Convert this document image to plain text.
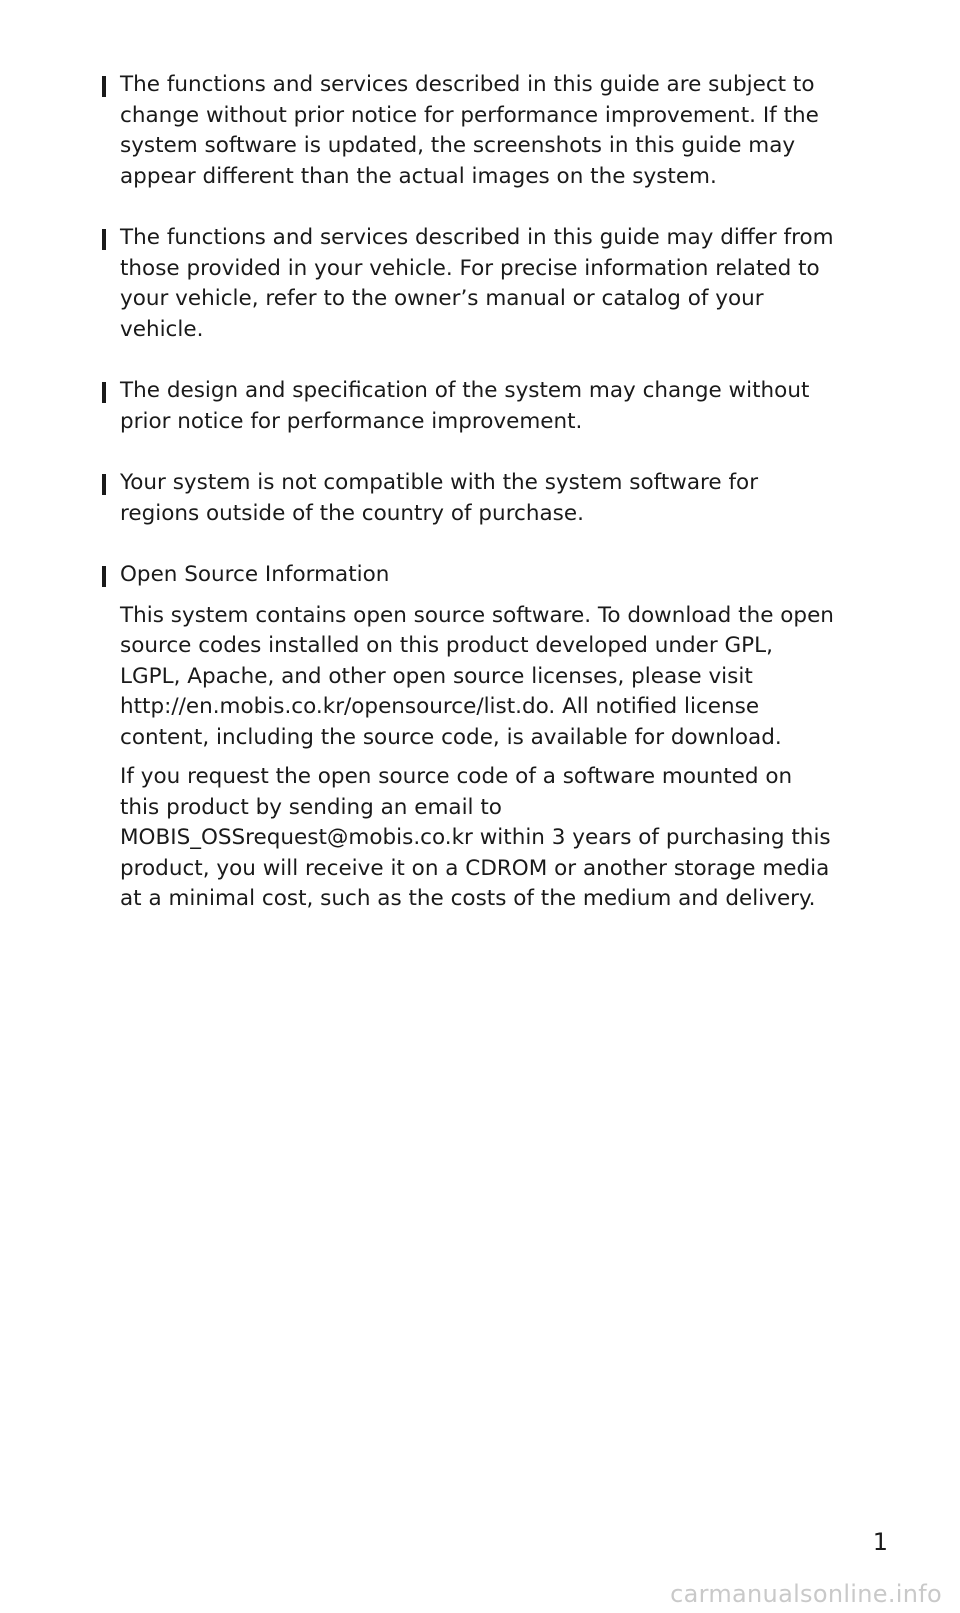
The functions and services described in this guide are subject to change without prior notice for performance improvement. If the system software is updated, the screenshots in this guide may appear different than the actual images on the system.

The functions and services described in this guide may differ from those provided in your vehicle. For precise information related to your vehicle, refer to the owner’s manual or catalog of your vehicle.

The design and specification of the system may change without prior notice for performance improvement.

Your system is not compatible with the system software for regions outside of the country of purchase.

Open Source Information

This system contains open source software. To download the open source codes installed on this product developed under GPL, LGPL, Apache, and other open source licenses, please visit http://en.mobis.co.kr/opensource/list.do. All notified license content, including the source code, is available for download.

If you request the open source code of a software mounted on this product by sending an email to MOBIS_OSSrequest@mobis.co.kr within 3 years of purchasing this product, you will receive it on a CDROM or another storage media at a minimal cost, such as the costs of the medium and delivery.

1
carmanualsonline.info
